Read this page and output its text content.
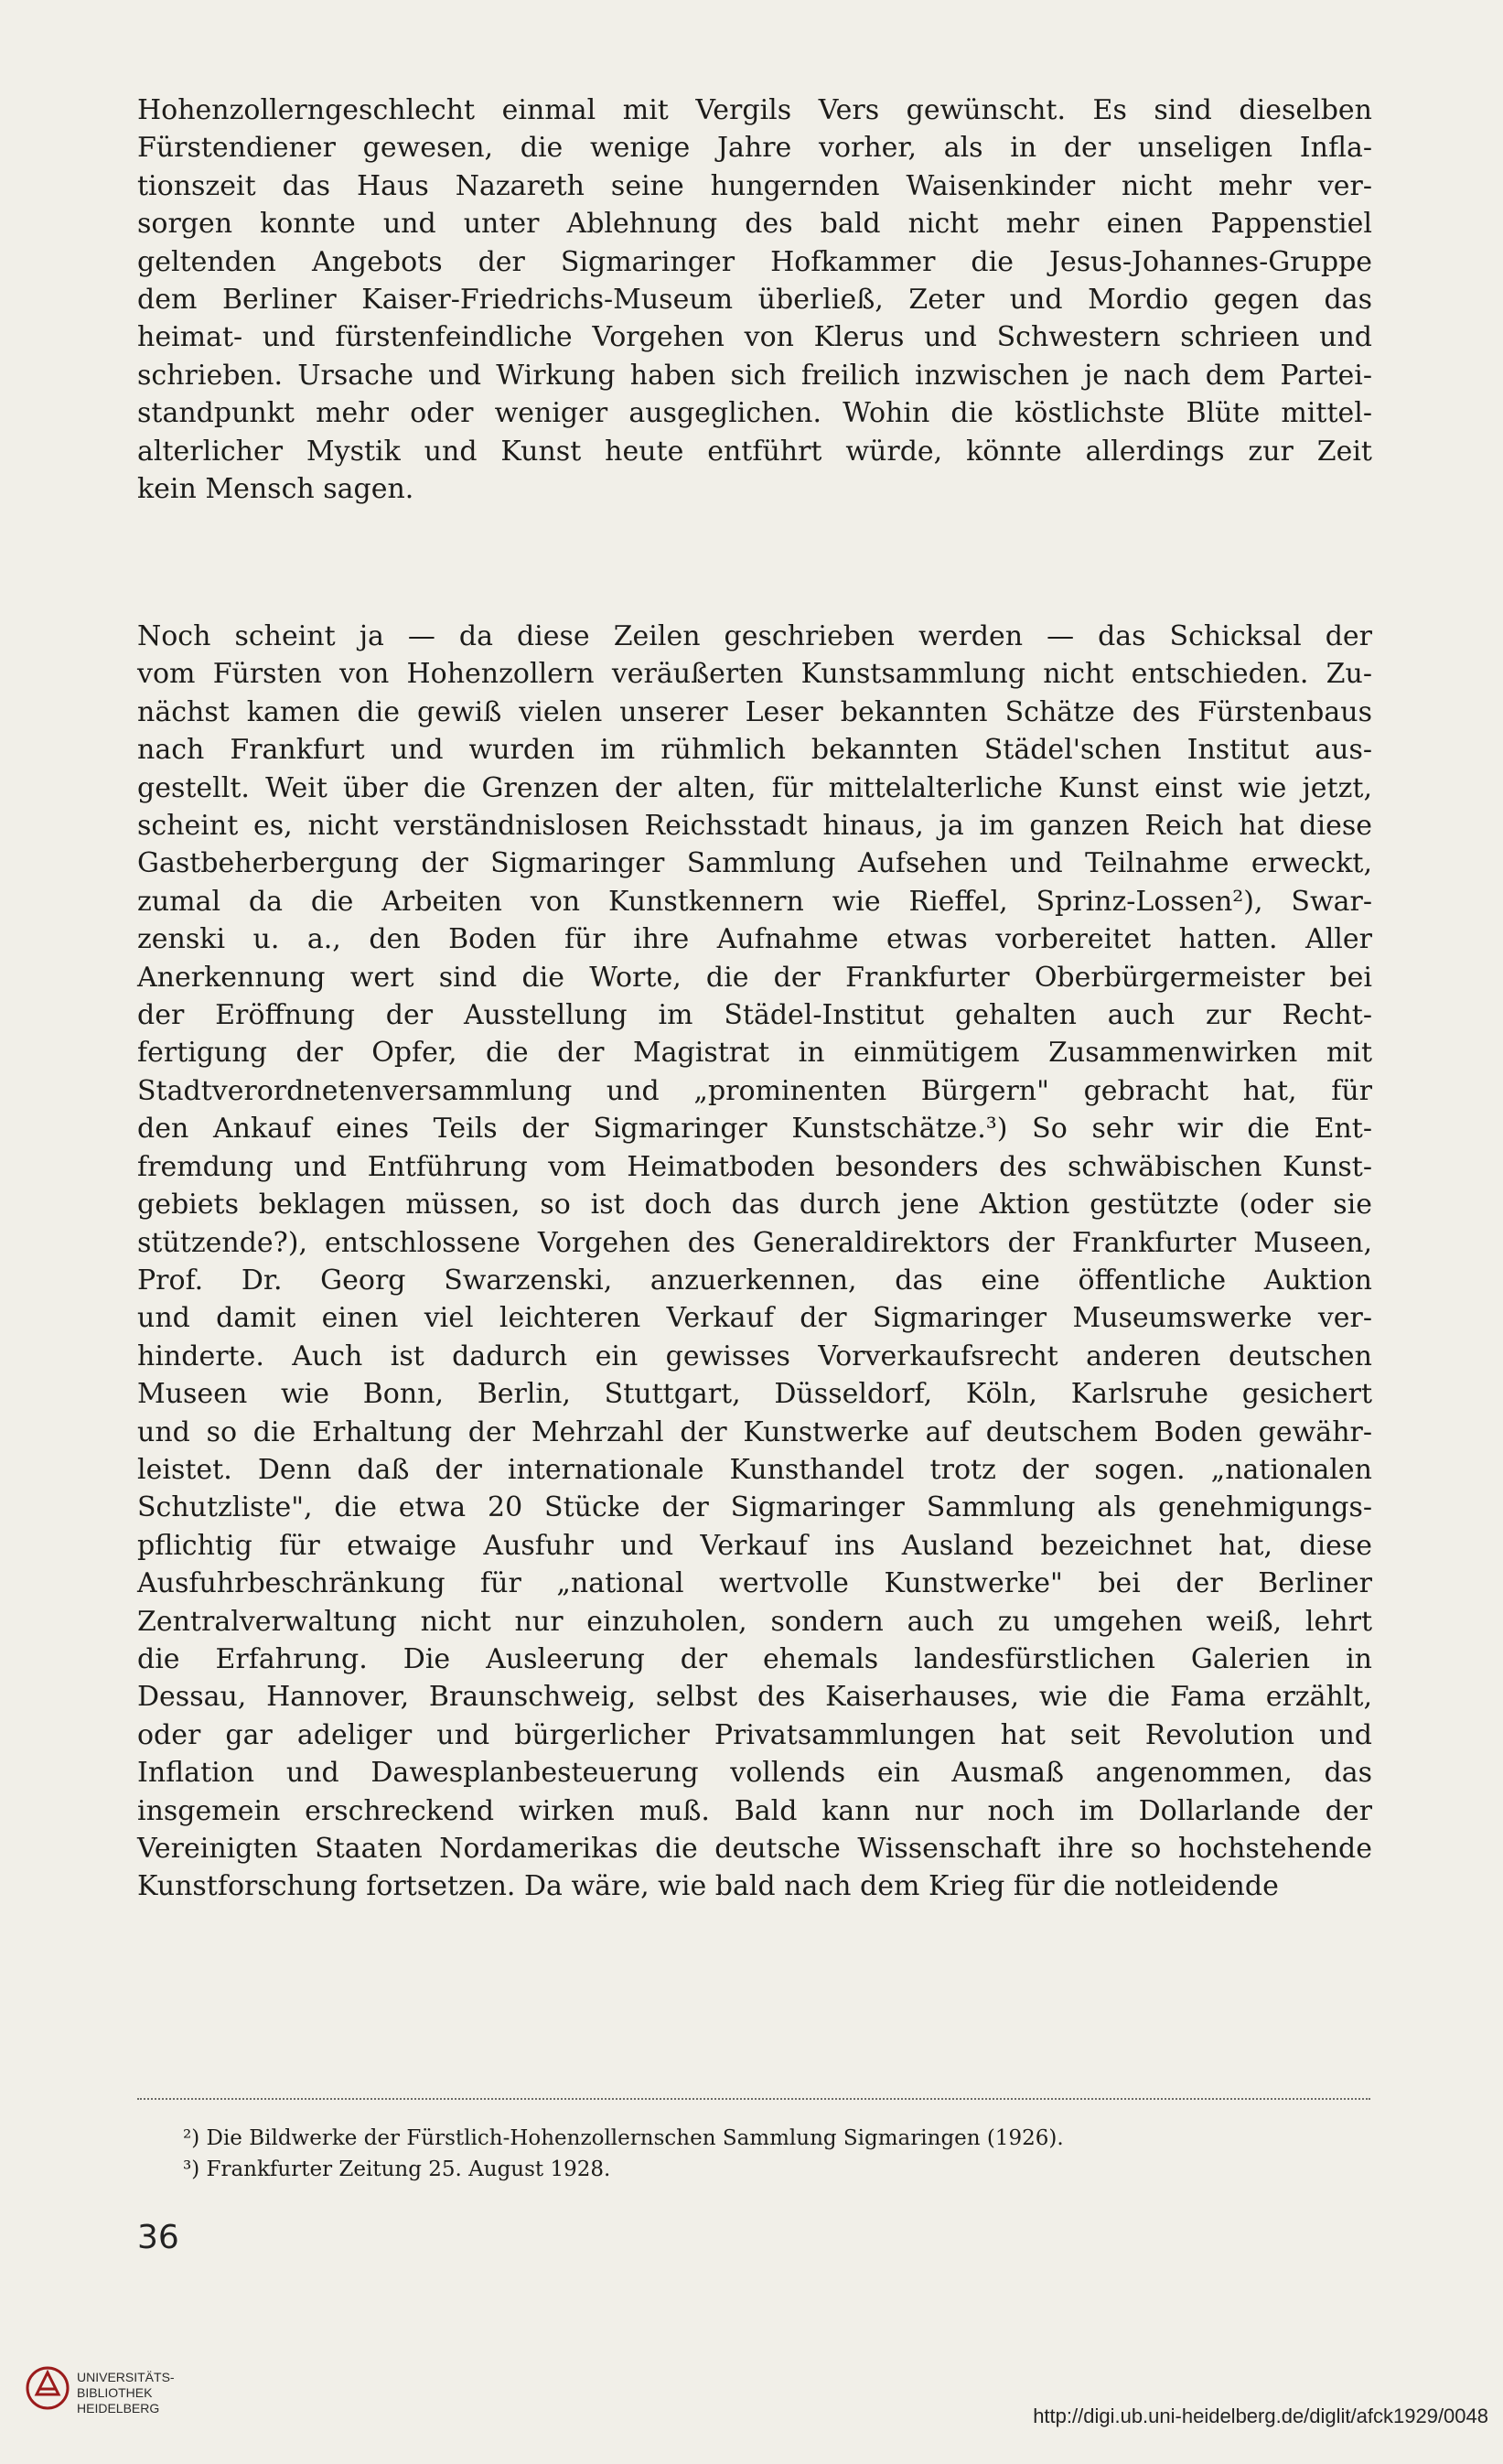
Hohenzollerngeschlecht einmal mit Vergils Vers gewünscht. Es sind dieselben
Fürstendiener gewesen, die wenige Jahre vorher, als in der unseligen Infla-
tionszeit das Haus Nazareth seine hungernden Waisenkinder nicht mehr ver-
sorgen konnte und unter Ablehnung des bald nicht mehr einen Pappenstiel
geltenden Angebots der Sigmaringer Hofkammer die Jesus-Johannes-Gruppe
dem Berliner Kaiser-Friedrichs-Museum überließ, Zeter und Mordio gegen das
heimat- und fürstenfeindliche Vorgehen von Klerus und Schwestern schrieen und
schrieben. Ursache und Wirkung haben sich freilich inzwischen je nach dem Partei-
standpunkt mehr oder weniger ausgeglichen. Wohin die köstlichste Blüte mittel-
alterlicher Mystik und Kunst heute entführt würde, könnte allerdings zur Zeit
kein Mensch sagen.
Noch scheint ja — da diese Zeilen geschrieben werden — das Schicksal der
vom Fürsten von Hohenzollern veräußerten Kunstsammlung nicht entschieden. Zu-
nächst kamen die gewiß vielen unserer Leser bekannten Schätze des Fürstenbaus
nach Frankfurt und wurden im rühmlich bekannten Städel'schen Institut aus-
gestellt. Weit über die Grenzen der alten, für mittelalterliche Kunst einst wie jetzt,
scheint es, nicht verständnislosen Reichsstadt hinaus, ja im ganzen Reich hat diese
Gastbeherbergung der Sigmaringer Sammlung Aufsehen und Teilnahme erweckt,
zumal da die Arbeiten von Kunstkennern wie Rieffel, Sprinz-Lossen²), Swar-
zenski u. a., den Boden für ihre Aufnahme etwas vorbereitet hatten. Aller
Anerkennung wert sind die Worte, die der Frankfurter Oberbürgermeister bei
der Eröffnung der Ausstellung im Städel-Institut gehalten auch zur Recht-
fertigung der Opfer, die der Magistrat in einmütigem Zusammenwirken mit
Stadtverordnetenversammlung und „prominenten Bürgern" gebracht hat, für
den Ankauf eines Teils der Sigmaringer Kunstschätze.³) So sehr wir die Ent-
fremdung und Entführung vom Heimatboden besonders des schwäbischen Kunst-
gebiets beklagen müssen, so ist doch das durch jene Aktion gestützte (oder sie
stützende?), entschlossene Vorgehen des Generaldirektors der Frankfurter Museen,
Prof. Dr. Georg Swarzenski, anzuerkennen, das eine öffentliche Auktion
und damit einen viel leichteren Verkauf der Sigmaringer Museumswerke ver-
hinderte. Auch ist dadurch ein gewisses Vorverkaufsrecht anderen deutschen
Museen wie Bonn, Berlin, Stuttgart, Düsseldorf, Köln, Karlsruhe gesichert
und so die Erhaltung der Mehrzahl der Kunstwerke auf deutschem Boden gewähr-
leistet. Denn daß der internationale Kunsthandel trotz der sogen. „nationalen
Schutzliste", die etwa 20 Stücke der Sigmaringer Sammlung als genehmigungs-
pflichtig für etwaige Ausfuhr und Verkauf ins Ausland bezeichnet hat, diese
Ausfuhrbeschränkung für „national wertvolle Kunstwerke" bei der Berliner
Zentralverwaltung nicht nur einzuholen, sondern auch zu umgehen weiß, lehrt
die Erfahrung. Die Ausleerung der ehemals landesfürstlichen Galerien in
Dessau, Hannover, Braunschweig, selbst des Kaiserhauses, wie die Fama erzählt,
oder gar adeliger und bürgerlicher Privatsammlungen hat seit Revolution und
Inflation und Dawesplanbesteuerung vollends ein Ausmaß angenommen, das
insgemein erschreckend wirken muß. Bald kann nur noch im Dollarlande der
Vereinigten Staaten Nordamerikas die deutsche Wissenschaft ihre so hochstehende
Kunstforschung fortsetzen. Da wäre, wie bald nach dem Krieg für die notleidende
²) Die Bildwerke der Fürstlich-Hohenzollernschen Sammlung Sigmaringen (1926).
³) Frankfurter Zeitung 25. August 1928.
36
UNIVERSITÄTS-
BIBLIOTHEK
HEIDELBERG	http://digi.ub.uni-heidelberg.de/diglit/afck1929/0048
